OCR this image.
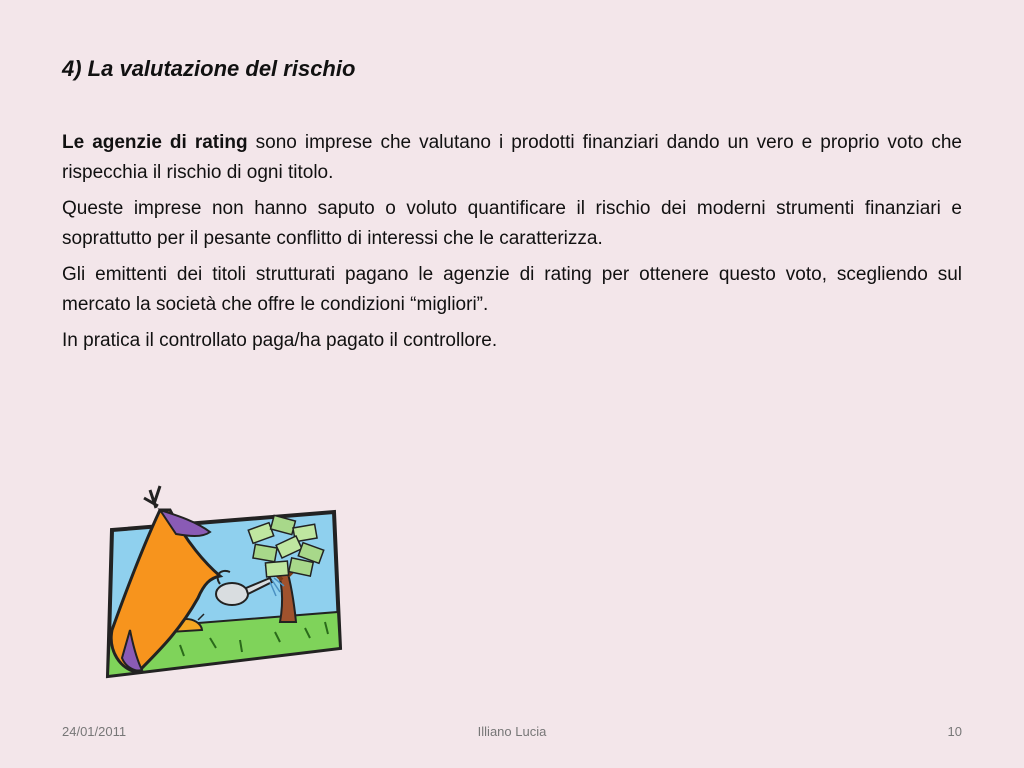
4) La valutazione del rischio

Le agenzie di rating sono imprese che valutano i prodotti finanziari dando un vero e proprio voto che rispecchia il rischio di ogni titolo.

Queste imprese non hanno saputo o voluto quantificare il rischio dei moderni strumenti finanziari e soprattutto per il pesante conflitto di interessi che le caratterizza.

Gli emittenti dei titoli strutturati pagano le agenzie di rating per ottenere questo voto, scegliendo sul mercato la società che offre le condizioni “migliori”.

In pratica il controllato paga/ha pagato il controllore.

24/01/2011	Illiano Lucia	10
